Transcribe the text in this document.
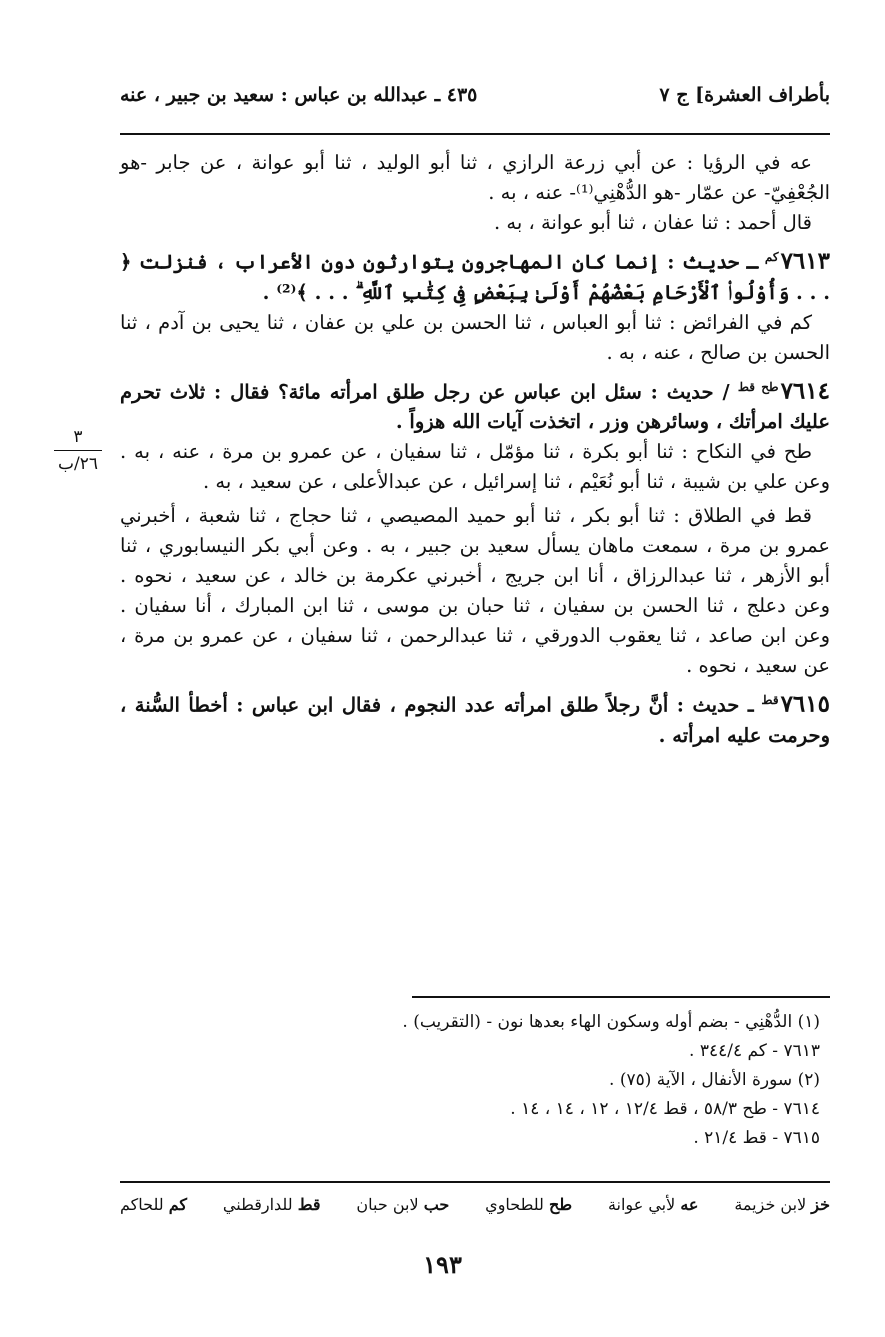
بأطراف العشرة] ج ٧
٤٣٥ ـ عبدالله بن عباس : سعيد بن جبير ، عنه
٣
٢٦/ب

عه في الرؤيا : عن أبي زرعة الرازي ، ثنا أبو الوليد ، ثنا أبو عوانة ، عن جابر -هو الجُعْفِيّ- عن عمّار -هو الدُّهْنِي⁽¹⁾- عنه ، به .

قال أحمد : ثنا عفان ، ثنا أبو عوانة ، به .

٧٦١٣$^{كم}$ ـ حديث : إنما كان المهاجرون يتوارثون دون الأعراب ، فنزلت ﴿ . . . وَأُوْلُوا۟ ٱلْأَرْحَامِ بَعْضُهُمْ أَوْلَىٰ بِبَعْضٍ فِى كِتَٰبِ ٱللَّهِ ۗ . . . ﴾⁽²⁾ .

كم في الفرائض : ثنا أبو العباس ، ثنا الحسن بن علي بن عفان ، ثنا يحيى بن آدم ، ثنا الحسن بن صالح ، عنه ، به .

٧٦١٤$^{طح قط}$ / حديث : سئل ابن عباس عن رجل طلق امرأته مائة؟ فقال : ثلاث تحرم عليك امرأتك ، وسائرهن وزر ، اتخذت آيات الله هزواً .

طح في النكاح : ثنا أبو بكرة ، ثنا مؤمّل ، ثنا سفيان ، عن عمرو بن مرة ، عنه ، به . وعن علي بن شيبة ، ثنا أبو نُعَيْم ، ثنا إسرائيل ، عن عبدالأعلى ، عن سعيد ، به .

قط في الطلاق : ثنا أبو بكر ، ثنا أبو حميد المصيصي ، ثنا حجاج ، ثنا شعبة ، أخبرني عمرو بن مرة ، سمعت ماهان يسأل سعيد بن جبير ، به . وعن أبي بكر النيسابوري ، ثنا أبو الأزهر ، ثنا عبدالرزاق ، أنا ابن جريج ، أخبرني عكرمة بن خالد ، عن سعيد ، نحوه . وعن دعلج ، ثنا الحسن بن سفيان ، ثنا حبان بن موسى ، ثنا ابن المبارك ، أنا سفيان . وعن ابن صاعد ، ثنا يعقوب الدورقي ، ثنا عبدالرحمن ، ثنا سفيان ، عن عمرو بن مرة ، عن سعيد ، نحوه .

٧٦١٥$^{قط}$ ـ حديث : أنَّ رجلاً طلق امرأته عدد النجوم ، فقال ابن عباس : أخطأ السُّنة ، وحرمت عليه امرأته .

(١) الدُّهْنِي - بضم أوله وسكون الهاء بعدها نون - (التقريب) .
٧٦١٣ - كم ٣٤٤/٤ .
(٢) سورة الأنفال ، الآية (٧٥) .
٧٦١٤ - طح ٥٨/٣ ، قط ١٢/٤ ، ١٢ ، ١٤ ، ١٤ .
٧٦١٥ - قط ٢١/٤ .
خز لابن خزيمة
عه لأبي عوانة
طح للطحاوي
حب لابن حبان
قط للدارقطني
كم للحاكم
١٩٣
